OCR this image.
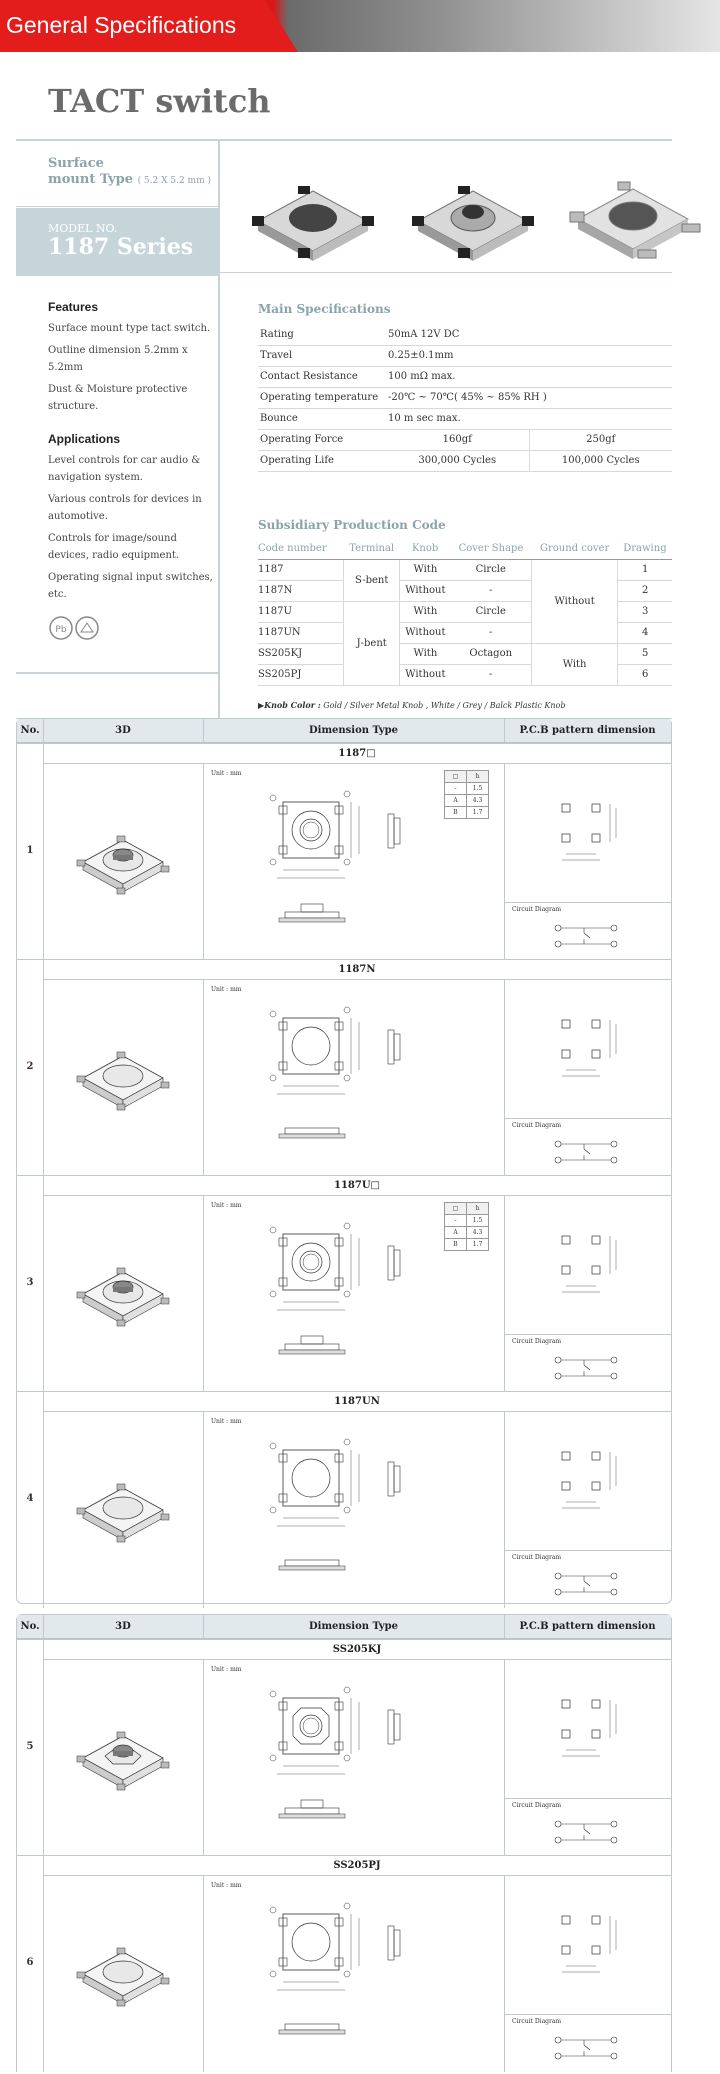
General Specifications
TACT switch
Surface
mount Type ( 5.2 X 5.2 mm )
MODEL NO.
1187 Series
Features

Surface mount type tact switch.

Outline dimension 5.2mm x 5.2mm

Dust & Moisture protective structure.

Applications

Level controls for car audio & navigation system.

Various controls for devices in automotive.

Controls for image/sound devices, radio equipment.

Operating signal input switches, etc.

Pb
Main Specifications
Rating	50mA 12V DC	
Travel	0.25±0.1mm	
Contact Resistance	100 mΩ max.	
Operating temperature	-20℃ ~ 70℃( 45% ~ 85% RH )	
Bounce	10 m sec max.	
Operating Force	160gf	250gf
Operating Life	300,000 Cycles	100,000 Cycles
Subsidiary Production Code
Code number	Terminal	Knob	Cover Shape	Ground cover	Drawing
1187	S-bent	With	Circle	Without	1
1187N		Without	-		2
1187U	J-bent	With	Circle		3
1187UN		Without	-		4
SS205KJ		With	Octagon	With	5
SS205PJ		Without	-		6
▶Knob Color : Gold / Silver Metal Knob , White / Grey / Balck Plastic Knob
No.	3D	Dimension Type	P.C.B pattern dimension
1
1187□
Unit : mm	□	h
-	1.5
A	4.3
B	1.7
Circuit Diagram
2
1187N
Unit : mm
Circuit Diagram
3
1187U□
Unit : mm	□	h
-	1.5
A	4.3
B	1.7
Circuit Diagram
4
1187UN
Unit : mm
Circuit Diagram
No.	3D	Dimension Type	P.C.B pattern dimension
5
SS205KJ
Unit : mm
Circuit Diagram
6
SS205PJ
Unit : mm
Circuit Diagram
